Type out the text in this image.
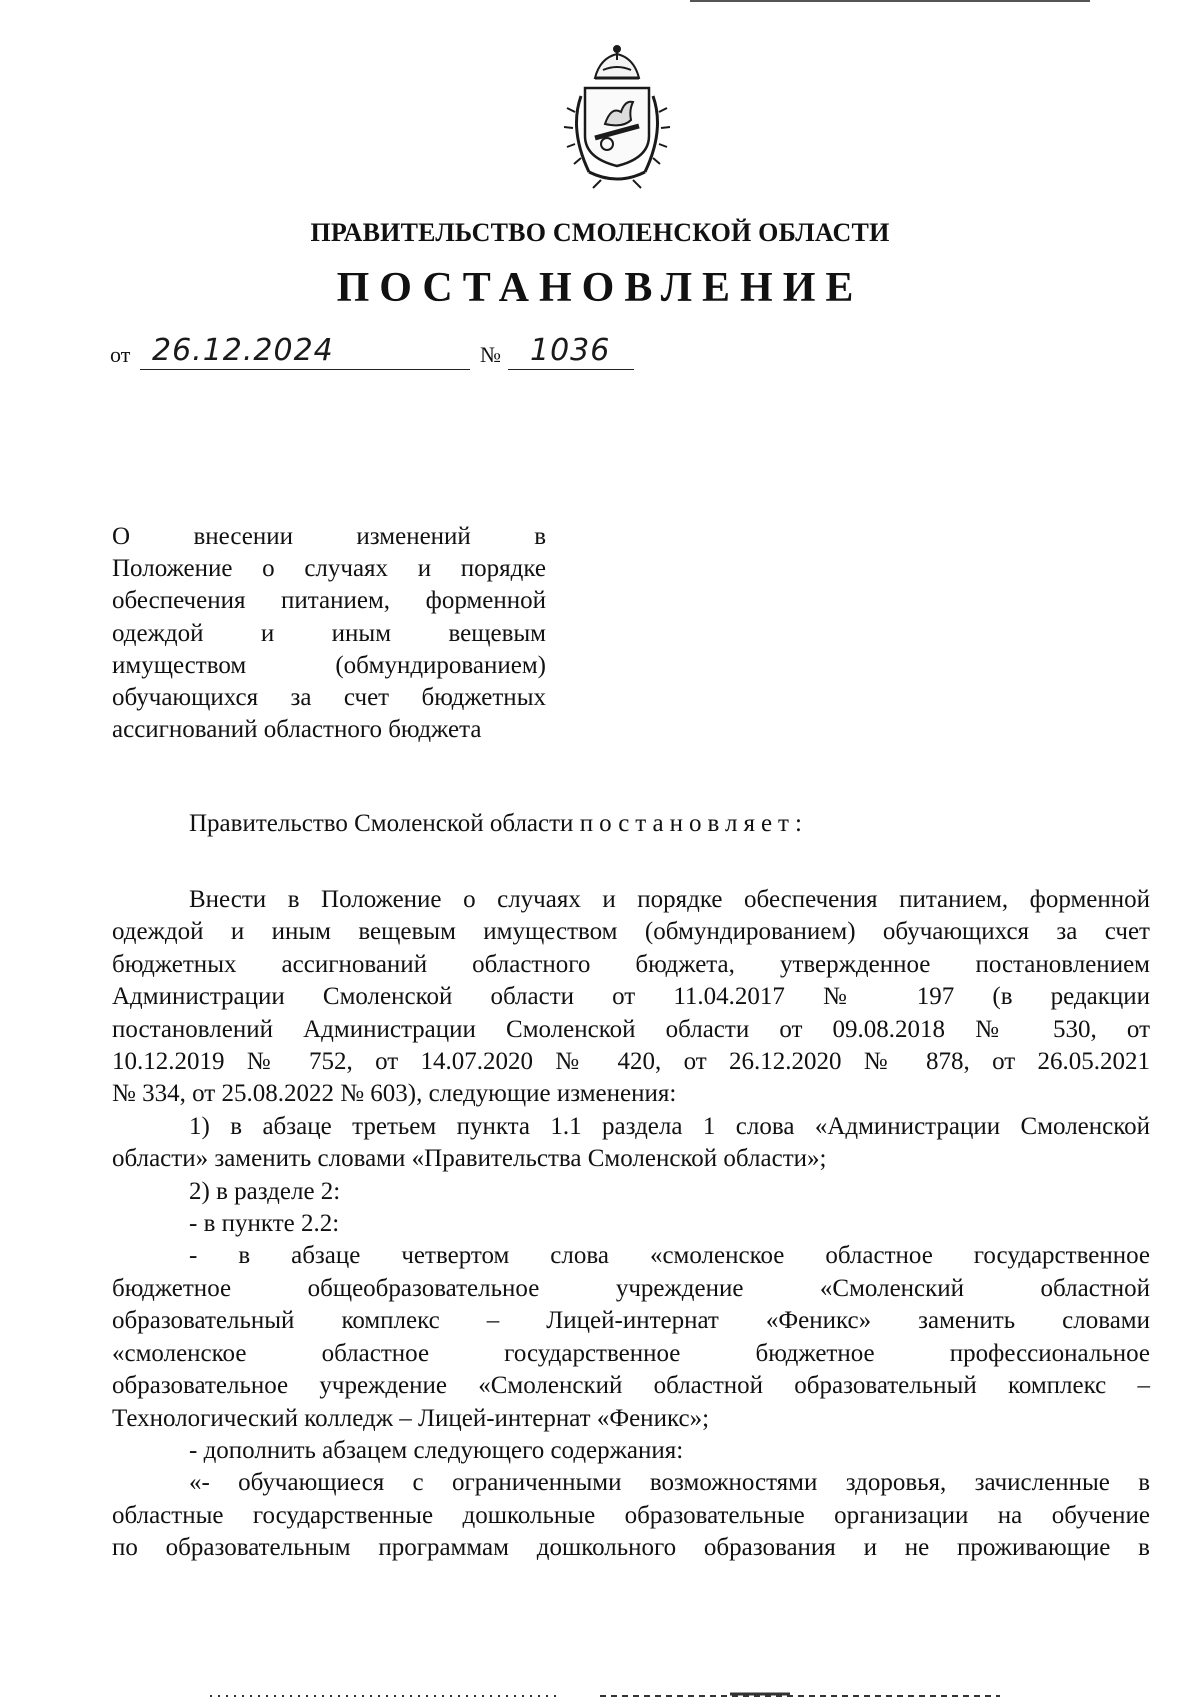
ПРАВИТЕЛЬСТВО СМОЛЕНСКОЙ ОБЛАСТИ
ПОСТАНОВЛЕНИЕ
от 26.12.2024	№ 1036
О внесении изменений в
Положение о случаях и порядке
обеспечения питанием, форменной
одеждой и иным вещевым
имуществом (обмундированием)
обучающихся за счет бюджетных
ассигнований областного бюджета
Правительство Смоленской области постановляет:
Внести в Положение о случаях и порядке обеспечения питанием, форменной
одеждой и иным вещевым имуществом (обмундированием) обучающихся за счет
бюджетных ассигнований областного бюджета, утвержденное постановлением
Администрации Смоленской области от 11.04.2017 № 197 (в редакции
постановлений Администрации Смоленской области от 09.08.2018 № 530, от
10.12.2019 № 752, от 14.07.2020 № 420, от 26.12.2020 № 878, от 26.05.2021
№ 334, от 25.08.2022 № 603), следующие изменения:
1) в абзаце третьем пункта 1.1 раздела 1 слова «Администрации Смоленской
области» заменить словами «Правительства Смоленской области»;
2) в разделе 2:
- в пункте 2.2:
- в абзаце четвертом слова «смоленское областное государственное
бюджетное общеобразовательное учреждение «Смоленский областной
образовательный комплекс – Лицей-интернат «Феникс» заменить словами
«смоленское областное государственное бюджетное профессиональное
образовательное учреждение «Смоленский областной образовательный комплекс –
Технологический колледж – Лицей-интернат «Феникс»;
- дополнить абзацем следующего содержания:
«- обучающиеся с ограниченными возможностями здоровья, зачисленные в
областные государственные дошкольные образовательные организации на обучение
по образовательным программам дошкольного образования и не проживающие в
